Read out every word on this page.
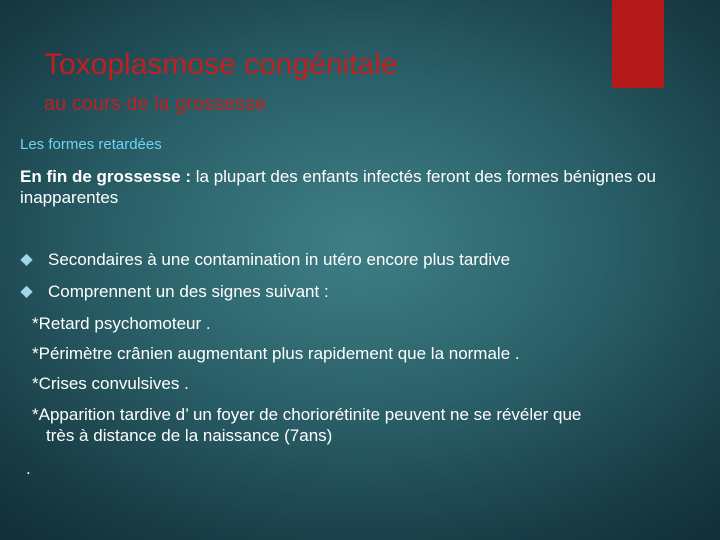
Toxoplasmose congénitale
au cours de la grossesse
Les formes retardées
En fin de grossesse : la plupart des enfants infectés feront des formes bénignes ou inapparentes
◆ Secondaires à une contamination in utéro encore plus tardive
◆ Comprennent un des signes suivant :
*Retard psychomoteur .
*Périmètre crânien augmentant plus rapidement que la normale .
*Crises convulsives .
*Apparition tardive d’ un foyer de choriorétinite peuvent ne se révéler que
très à distance de la naissance (7ans)
.
